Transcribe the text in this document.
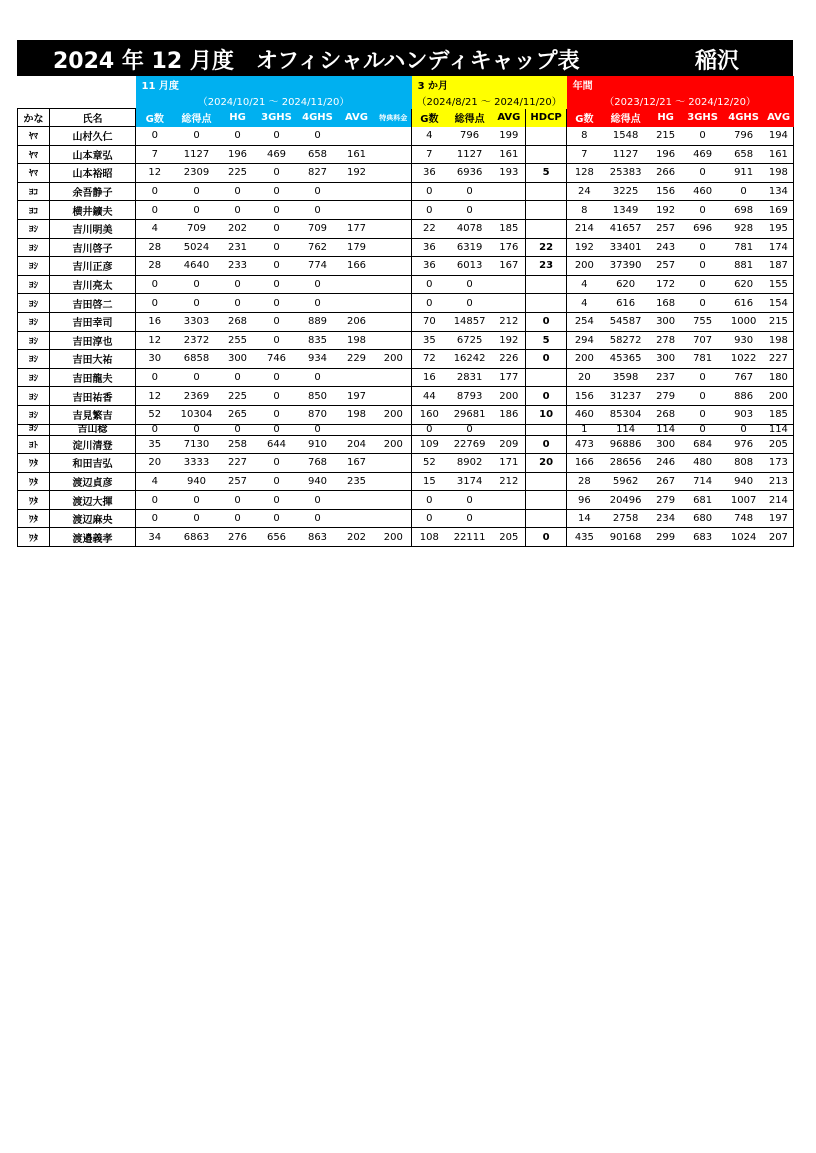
2024 年 12 月度　オフィシャルハンディキャップ表	稲沢
		11 月度							3 か月				年間					
		（2024/10/21 ～ 2024/11/20）							（2024/8/21 ～ 2024/11/20）				（2023/12/21 ～ 2024/12/20）					
かな	氏名	G数	総得点	HG	3GHS	4GHS	AVG	特典料金	G数	総得点	AVG	HDCP	G数	総得点	HG	3GHS	4GHS	AVG
ﾔﾏ	山村久仁	0	0	0	0	0			4	796	199		8	1548	215	0	796	194
ﾔﾏ	山本章弘	7	1127	196	469	658	161		7	1127	161		7	1127	196	469	658	161
ﾔﾏ	山本裕昭	12	2309	225	0	827	192		36	6936	193	5	128	25383	266	0	911	198
ﾖｺ	余吾静子	0	0	0	0	0			0	0			24	3225	156	460	0	134
ﾖｺ	横井鑛夫	0	0	0	0	0			0	0			8	1349	192	0	698	169
ﾖｼ	吉川明美	4	709	202	0	709	177		22	4078	185		214	41657	257	696	928	195
ﾖｼ	吉川啓子	28	5024	231	0	762	179		36	6319	176	22	192	33401	243	0	781	174
ﾖｼ	吉川正彦	28	4640	233	0	774	166		36	6013	167	23	200	37390	257	0	881	187
ﾖｼ	吉川亮太	0	0	0	0	0			0	0			4	620	172	0	620	155
ﾖｼ	吉田啓二	0	0	0	0	0			0	0			4	616	168	0	616	154
ﾖｼ	吉田幸司	16	3303	268	0	889	206		70	14857	212	0	254	54587	300	755	1000	215
ﾖｼ	吉田淳也	12	2372	255	0	835	198		35	6725	192	5	294	58272	278	707	930	198
ﾖｼ	吉田大祐	30	6858	300	746	934	229	200	72	16242	226	0	200	45365	300	781	1022	227
ﾖｼ	吉田龍夫	0	0	0	0	0			16	2831	177		20	3598	237	0	767	180
ﾖｼ	吉田祐香	12	2369	225	0	850	197		44	8793	200	0	156	31237	279	0	886	200
ﾖｼ	吉見繁吉	52	10304	265	0	870	198	200	160	29681	186	10	460	85304	268	0	903	185
ﾖｼ	吉山稔	0	0	0	0	0			0	0			1	114	114	0	0	114
ﾖﾄ	淀川清登	35	7130	258	644	910	204	200	109	22769	209	0	473	96886	300	684	976	205
ﾜﾀ	和田吉弘	20	3333	227	0	768	167		52	8902	171	20	166	28656	246	480	808	173
ﾜﾀ	渡辺貞彦	4	940	257	0	940	235		15	3174	212		28	5962	267	714	940	213
ﾜﾀ	渡辺大揮	0	0	0	0	0			0	0			96	20496	279	681	1007	214
ﾜﾀ	渡辺麻央	0	0	0	0	0			0	0			14	2758	234	680	748	197
ﾜﾀ	渡邉義孝	34	6863	276	656	863	202	200	108	22111	205	0	435	90168	299	683	1024	207
